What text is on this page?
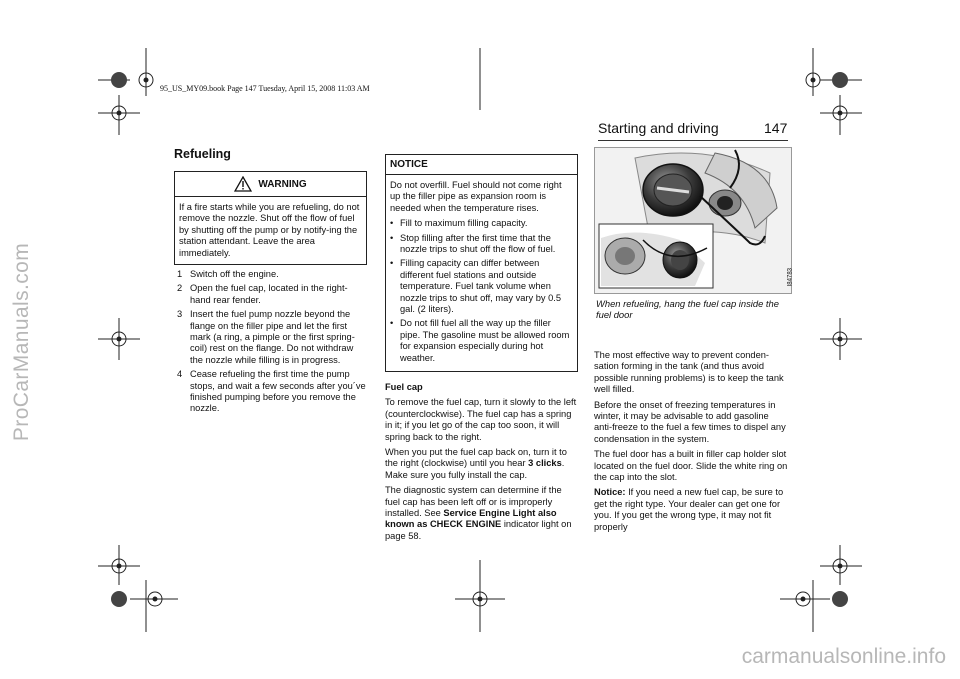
ProCarManuals.com
carmanualsonline.info
95_US_MY09.book Page 147 Tuesday, April 15, 2008 11:03 AM
Starting and driving	147
Refueling
WARNING
If a fire starts while you are refueling, do not remove the nozzle. Shut off the flow of fuel by shutting off the pump or by notify-ing the station attendant. Leave the area immediately.
1 Switch off the engine.
2 Open the fuel cap, located in the right-hand rear fender.
3 Insert the fuel pump nozzle beyond the flange on the filler pipe and let the first mark (a ring, a pimple or the first spring-coil) rest on the flange. Do not withdraw the nozzle while filling is in progress.
4 Cease refueling the first time the pump stops, and wait a few seconds after you´ve finished pumping before you remove the nozzle.
NOTICE
Do not overfill. Fuel should not come right up the filler pipe as expansion room is needed when the temperature rises.
• Fill to maximum filling capacity.
• Stop filling after the first time that the nozzle trips to shut off the flow of fuel.
• Filling capacity can differ between different fuel stations and outside temperature. Fuel tank volume when nozzle trips to shut off, may vary by 0.5 gal. (2 liters).
• Do not fill fuel all the way up the filler pipe. The gasoline must be allowed room for expansion especially during hot weather.

Fuel cap

To remove the fuel cap, turn it slowly to the left (counterclockwise). The fuel cap has a spring in it; if you let go of the cap too soon, it will spring back to the right.

When you put the fuel cap back on, turn it to the right (clockwise) until you hear 3 clicks. Make sure you fully install the cap.

The diagnostic system can determine if the fuel cap has been left off or is improperly installed. See Service Engine Light also known as CHECK ENGINE indicator light on page 58.

I84783
When refueling, hang the fuel cap inside the fuel door

The most effective way to prevent conden-sation forming in the tank (and thus avoid possible running problems) is to keep the tank well filled.

Before the onset of freezing temperatures in winter, it may be advisable to add gasoline anti-freeze to the fuel a few times to dispel any condensation in the system.

The fuel door has a built in filler cap holder slot located on the fuel door. Slide the white ring on the cap into the slot.

Notice: If you need a new fuel cap, be sure to get the right type. Your dealer can get one for you. If you get the wrong type, it may not fit properly
